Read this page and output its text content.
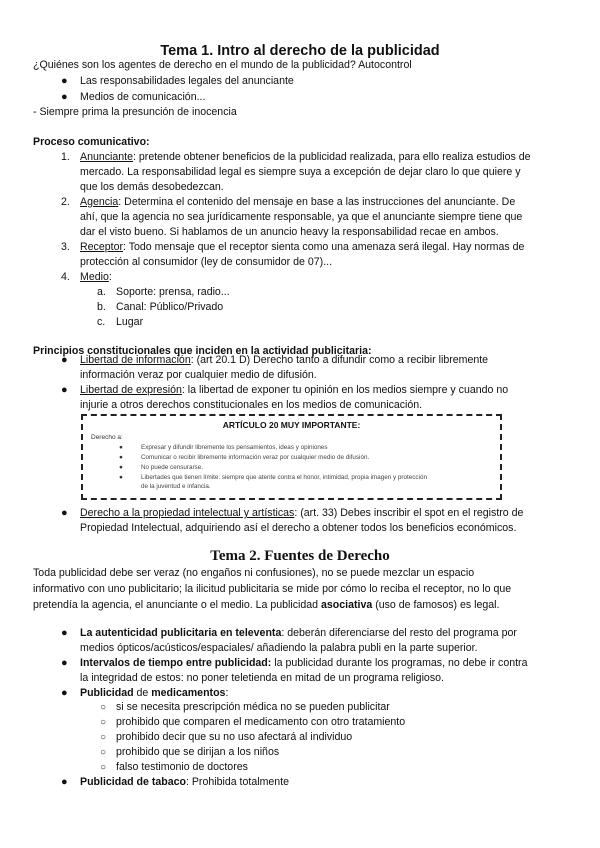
Tema 1. Intro al derecho de la publicidad
¿Quiénes son los agentes de derecho en el mundo de la publicidad? Autocontrol
● Las responsabilidades legales del anunciante
● Medios de comunicación...
- Siempre prima la presunción de inocencia
Proceso comunicativo:
1. Anunciante: pretende obtener beneficios de la publicidad realizada, para ello realiza estudios de
mercado. La responsabilidad legal es siempre suya a excepción de dejar claro lo que quiere y
que los demás desobedezcan.
2. Agencia: Determina el contenido del mensaje en base a las instrucciones del anunciante. De
ahí, que la agencia no sea jurídicamente responsable, ya que el anunciante siempre tiene que
dar el visto bueno. Si hablamos de un anuncio heavy la responsabilidad recae en ambos.
3. Receptor: Todo mensaje que el receptor sienta como una amenaza será ilegal. Hay normas de
protección al consumidor (ley de consumidor de 07)...
4. Medio:
a. Soporte: prensa, radio...
b. Canal: Público/Privado
c. Lugar
Principios constitucionales que inciden en la actividad publicitaria:
● Libertad de información: (art 20.1 D) Derecho tanto a difundir como a recibir libremente
información veraz por cualquier medio de difusión.
● Libertad de expresión: la libertad de exponer tu opinión en los medios siempre y cuando no
injurie a otros derechos constitucionales en los medios de comunicación.
ARTÍCULO 20 MUY IMPORTANTE:
Derecho a:
●	Expresar y difundir libremente los pensamientos, ideas y opiniones
●	Comunicar o recibir libremente información veraz por cualquier medio de difusión.
●	No puede censurarse.
●	Libertades que tienen límite: siempre que atente contra el honor, intimidad, propia imagen y protección
de la juventud e infancia.
● Derecho a la propiedad intelectual y artísticas: (art. 33) Debes inscribir el spot en el registro de
Propiedad Intelectual, adquiriendo así el derecho a obtener todos los beneficios económicos.
Tema 2. Fuentes de Derecho
Toda publicidad debe ser veraz (no engaños ni confusiones), no se puede mezclar un espacio
informativo con uno publicitario; la ilicitud publicitaria se mide por cómo lo reciba el receptor, no lo que
pretendía la agencia, el anunciante o el medio. La publicidad asociativa (uso de famosos) es legal.
● La autenticidad publicitaria en televenta: deberán diferenciarse del resto del programa por
medios ópticos/acústicos/espaciales/ añadiendo la palabra publi en la parte superior.
● Intervalos de tiempo entre publicidad: la publicidad durante los programas, no debe ir contra
la integridad de estos: no poner teletienda en mitad de un programa religioso.
● Publicidad de medicamentos:
○ si se necesita prescripción médica no se pueden publicitar
○ prohibido que comparen el medicamento con otro tratamiento
○ prohibido decir que su no uso afectará al individuo
○ prohibido que se dirijan a los niños
○ falso testimonio de doctores
● Publicidad de tabaco: Prohibida totalmente
